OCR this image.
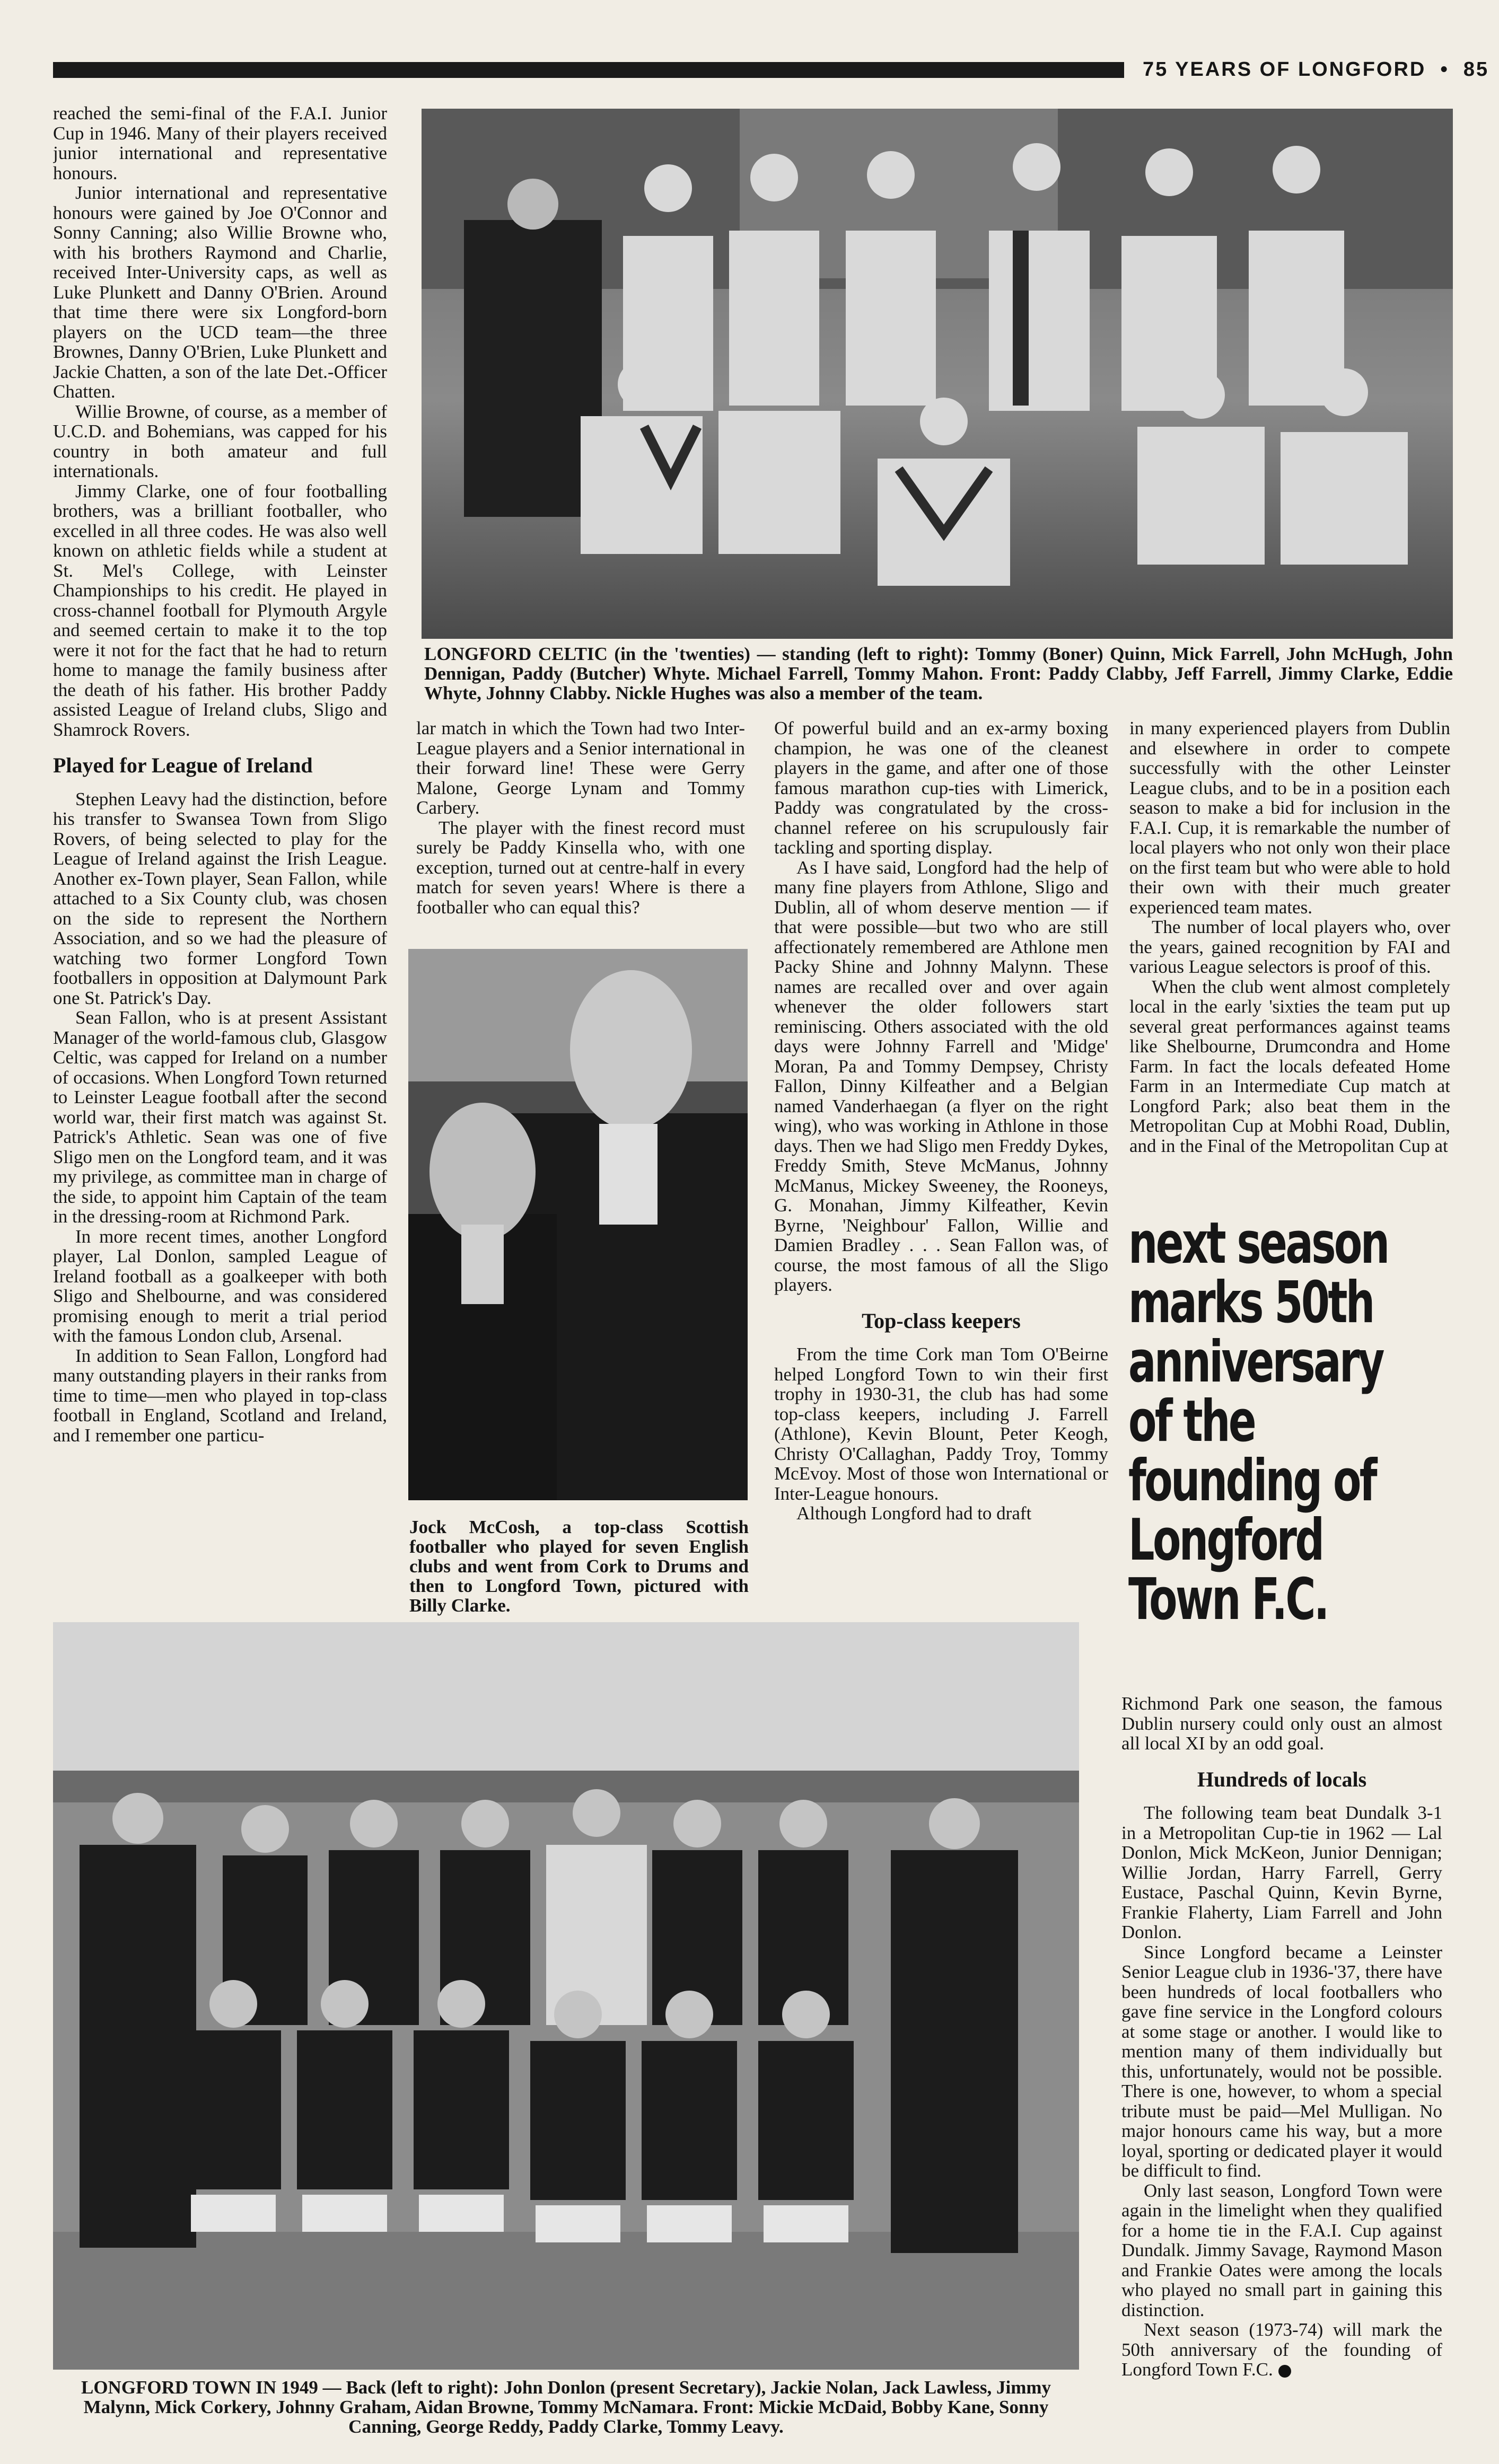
75 YEARS OF LONGFORD  •  85

reached the semi-final of the F.A.I. Junior Cup in 1946. Many of their players received junior international and representative honours.

Junior international and representative honours were gained by Joe O'Connor and Sonny Canning; also Willie Browne who, with his brothers Raymond and Charlie, received Inter-University caps, as well as Luke Plunkett and Danny O'Brien. Around that time there were six Longford-born players on the UCD team—the three Brownes, Danny O'Brien, Luke Plunkett and Jackie Chatten, a son of the late Det.-Officer Chatten.

Willie Browne, of course, as a member of U.C.D. and Bohemians, was capped for his country in both amateur and full internationals.

Jimmy Clarke, one of four footballing brothers, was a brilliant footballer, who excelled in all three codes. He was also well known on athletic fields while a student at St. Mel's College, with Leinster Championships to his credit. He played in cross-channel football for Plymouth Argyle and seemed certain to make it to the top were it not for the fact that he had to return home to manage the family business after the death of his father. His brother Paddy assisted League of Ireland clubs, Sligo and Shamrock Rovers.

Played for League of Ireland

Stephen Leavy had the distinction, before his transfer to Swansea Town from Sligo Rovers, of being selected to play for the League of Ireland against the Irish League. Another ex-Town player, Sean Fallon, while attached to a Six County club, was chosen on the side to represent the Northern Association, and so we had the pleasure of watching two former Longford Town footballers in opposition at Dalymount Park one St. Patrick's Day.

Sean Fallon, who is at present Assistant Manager of the world-famous club, Glasgow Celtic, was capped for Ireland on a number of occasions. When Longford Town returned to Leinster League football after the second world war, their first match was against St. Patrick's Athletic. Sean was one of five Sligo men on the Longford team, and it was my privilege, as committee man in charge of the side, to appoint him Captain of the team in the dressing-room at Richmond Park.

In more recent times, another Longford player, Lal Donlon, sampled League of Ireland football as a goalkeeper with both Sligo and Shelbourne, and was considered promising enough to merit a trial period with the famous London club, Arsenal.

In addition to Sean Fallon, Longford had many outstanding players in their ranks from time to time—men who played in top-class football in England, Scotland and Ireland, and I remember one particu-

LONGFORD CELTIC (in the 'twenties) — standing (left to right): Tommy (Boner) Quinn, Mick Farrell, John McHugh, John Dennigan, Paddy (Butcher) Whyte. Michael Farrell, Tommy Mahon. Front: Paddy Clabby, Jeff Farrell, Jimmy Clarke, Eddie Whyte, Johnny Clabby. Nickle Hughes was also a member of the team.

lar match in which the Town had two Inter-League players and a Senior international in their forward line! These were Gerry Malone, George Lynam and Tommy Carbery.

The player with the finest record must surely be Paddy Kinsella who, with one exception, turned out at centre-half in every match for seven years! Where is there a footballer who can equal this?

Jock McCosh, a top-class Scottish footballer who played for seven English clubs and went from Cork to Drums and then to Longford Town, pictured with Billy Clarke.

Of powerful build and an ex-army boxing champion, he was one of the cleanest players in the game, and after one of those famous marathon cup-ties with Limerick, Paddy was congratulated by the cross-channel referee on his scrupulously fair tackling and sporting display.

As I have said, Longford had the help of many fine players from Athlone, Sligo and Dublin, all of whom deserve mention — if that were possible—but two who are still affectionately remembered are Athlone men Packy Shine and Johnny Malynn. These names are recalled over and over again whenever the older followers start reminiscing. Others associated with the old days were Johnny Farrell and 'Midge' Moran, Pa and Tommy Dempsey, Christy Fallon, Dinny Kilfeather and a Belgian named Vanderhaegan (a flyer on the right wing), who was working in Athlone in those days. Then we had Sligo men Freddy Dykes, Freddy Smith, Steve McManus, Johnny McManus, Mickey Sweeney, the Rooneys, G. Monahan, Jimmy Kilfeather, Kevin Byrne, 'Neighbour' Fallon, Willie and Damien Bradley . . . Sean Fallon was, of course, the most famous of all the Sligo players.

Top-class keepers

From the time Cork man Tom O'Beirne helped Longford Town to win their first trophy in 1930-31, the club has had some top-class keepers, including J. Farrell (Athlone), Kevin Blount, Peter Keogh, Christy O'Callaghan, Paddy Troy, Tommy McEvoy. Most of those won International or Inter-League honours.

Although Longford had to draft

in many experienced players from Dublin and elsewhere in order to compete successfully with the other Leinster League clubs, and to be in a position each season to make a bid for inclusion in the F.A.I. Cup, it is remarkable the number of local players who not only won their place on the first team but who were able to hold their own with their much greater experienced team mates.

The number of local players who, over the years, gained recognition by FAI and various League selectors is proof of this.

When the club went almost completely local in the early 'sixties the team put up several great performances against teams like Shelbourne, Drumcondra and Home Farm. In fact the locals defeated Home Farm in an Intermediate Cup match at Longford Park; also beat them in the Metropolitan Cup at Mobhi Road, Dublin, and in the Final of the Metropolitan Cup at

next season
marks 50th
anniversary
of the
founding of
Longford
Town F.C.

Richmond Park one season, the famous Dublin nursery could only oust an almost all local XI by an odd goal.

Hundreds of locals

The following team beat Dundalk 3-1 in a Metropolitan Cup-tie in 1962 — Lal Donlon, Mick McKeon, Junior Dennigan; Willie Jordan, Harry Farrell, Gerry Eustace, Paschal Quinn, Kevin Byrne, Frankie Flaherty, Liam Farrell and John Donlon.

Since Longford became a Leinster Senior League club in 1936-'37, there have been hundreds of local footballers who gave fine service in the Longford colours at some stage or another. I would like to mention many of them individually but this, unfortunately, would not be possible. There is one, however, to whom a special tribute must be paid—Mel Mulligan. No major honours came his way, but a more loyal, sporting or dedicated player it would be difficult to find.

Only last season, Longford Town were again in the limelight when they qualified for a home tie in the F.A.I. Cup against Dundalk. Jimmy Savage, Raymond Mason and Frankie Oates were among the locals who played no small part in gaining this distinction.

Next season (1973-74) will mark the 50th anniversary of the founding of Longford Town F.C.

LONGFORD TOWN IN 1949 — Back (left to right): John Donlon (present Secretary), Jackie Nolan, Jack Lawless, Jimmy Malynn, Mick Corkery, Johnny Graham, Aidan Browne, Tommy McNamara. Front: Mickie McDaid, Bobby Kane, Sonny Canning, George Reddy, Paddy Clarke, Tommy Leavy.
